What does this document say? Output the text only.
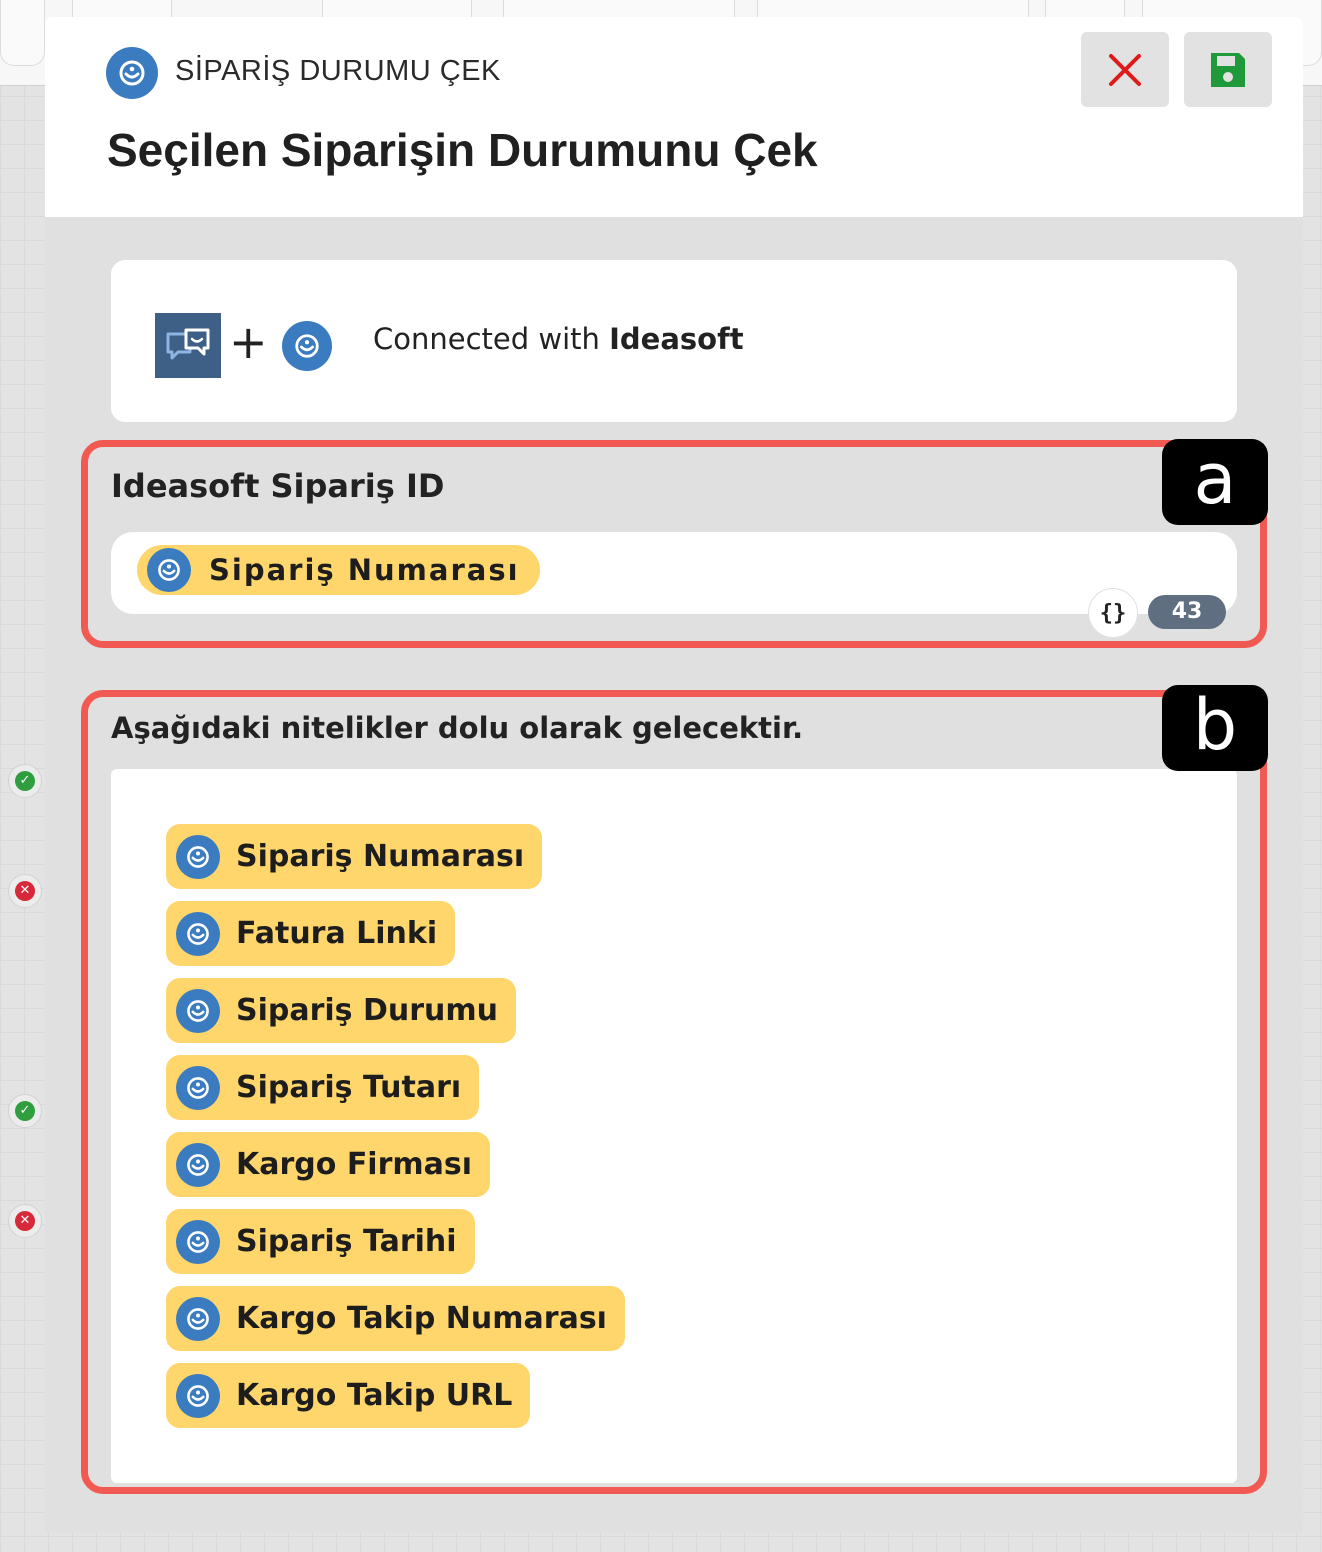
✓
✕
✓
✕
SİPARİŞ DURUMU ÇEK
Seçilen Siparişin Durumunu Çek
+	Connected with Ideasoft
Ideasoft Sipariş ID
Sipariş Numarası
{}	43
a
Aşağıdaki nitelikler dolu olarak gelecektir.
Sipariş Numarası
Fatura Linki
Sipariş Durumu
Sipariş Tutarı
Kargo Firması
Sipariş Tarihi
Kargo Takip Numarası
Kargo Takip URL
b
